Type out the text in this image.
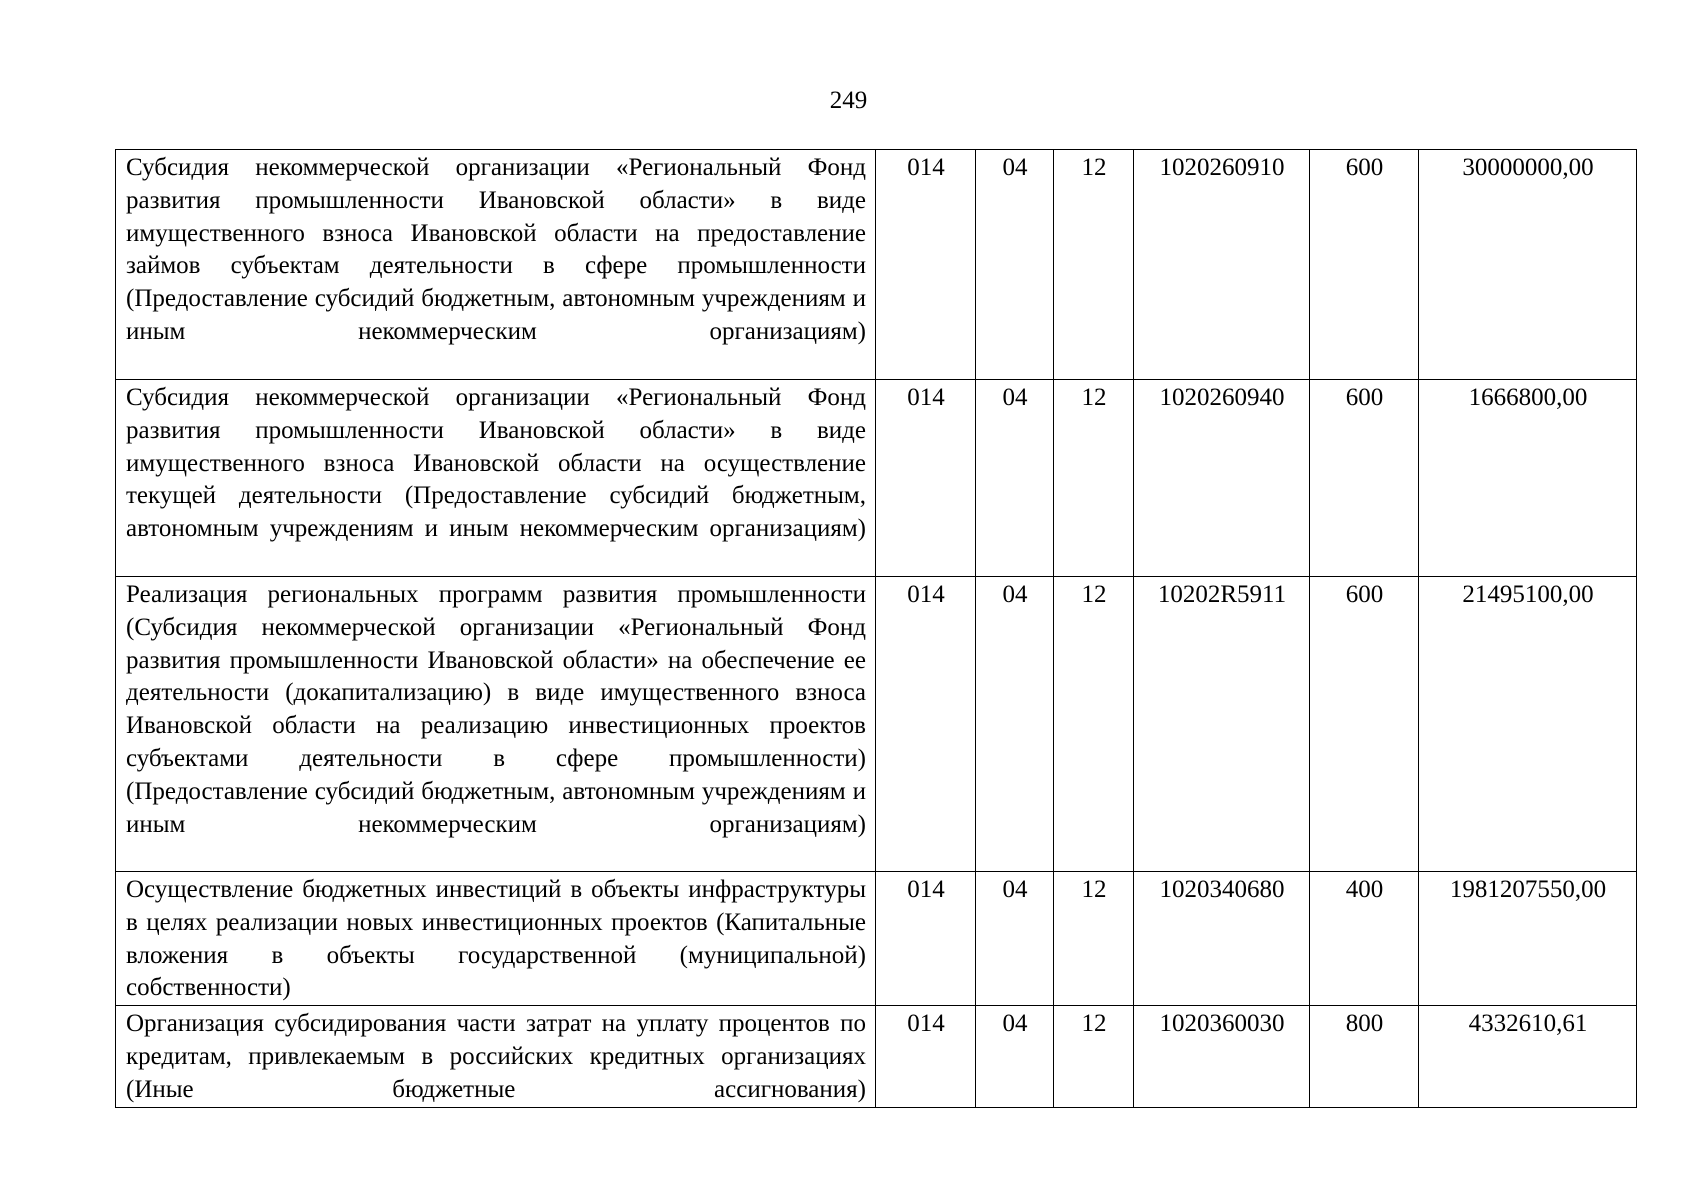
249
Субсидия некоммерческой организации «Региональный Фонд развития промышленности Ивановской области» в виде имущественного взноса Ивановской области на предоставление займов субъектам деятельности в сфере промышленности (Предоставление субсидий бюджетным, автономным учреждениям и иным некоммерческим организациям)	014	04	12	1020260910	600	30000000,00
Субсидия некоммерческой организации «Региональный Фонд развития промышленности Ивановской области» в виде имущественного взноса Ивановской области на осуществление текущей деятельности (Предоставление субсидий бюджетным, автономным учреждениям и иным некоммерческим организациям)	014	04	12	1020260940	600	1666800,00
Реализация региональных программ развития промышленности (Субсидия некоммерческой организации «Региональный Фонд развития промышленности Ивановской области» на обеспечение ее деятельности (докапитализацию) в виде имущественного взноса Ивановской области на реализацию инвестиционных проектов субъектами деятельности в сфере промышленности) (Предоставление субсидий бюджетным, автономным учреждениям и иным некоммерческим организациям)	014	04	12	10202R5911	600	21495100,00
Осуществление бюджетных инвестиций в объекты инфраструктуры в целях реализации новых инвестиционных проектов (Капитальные вложения в объекты государственной (муниципальной) собственности)	014	04	12	1020340680	400	1981207550,00
Организация субсидирования части затрат на уплату процентов по кредитам, привлекаемым в российских кредитных организациях (Иные бюджетные ассигнования)	014	04	12	1020360030	800	4332610,61
